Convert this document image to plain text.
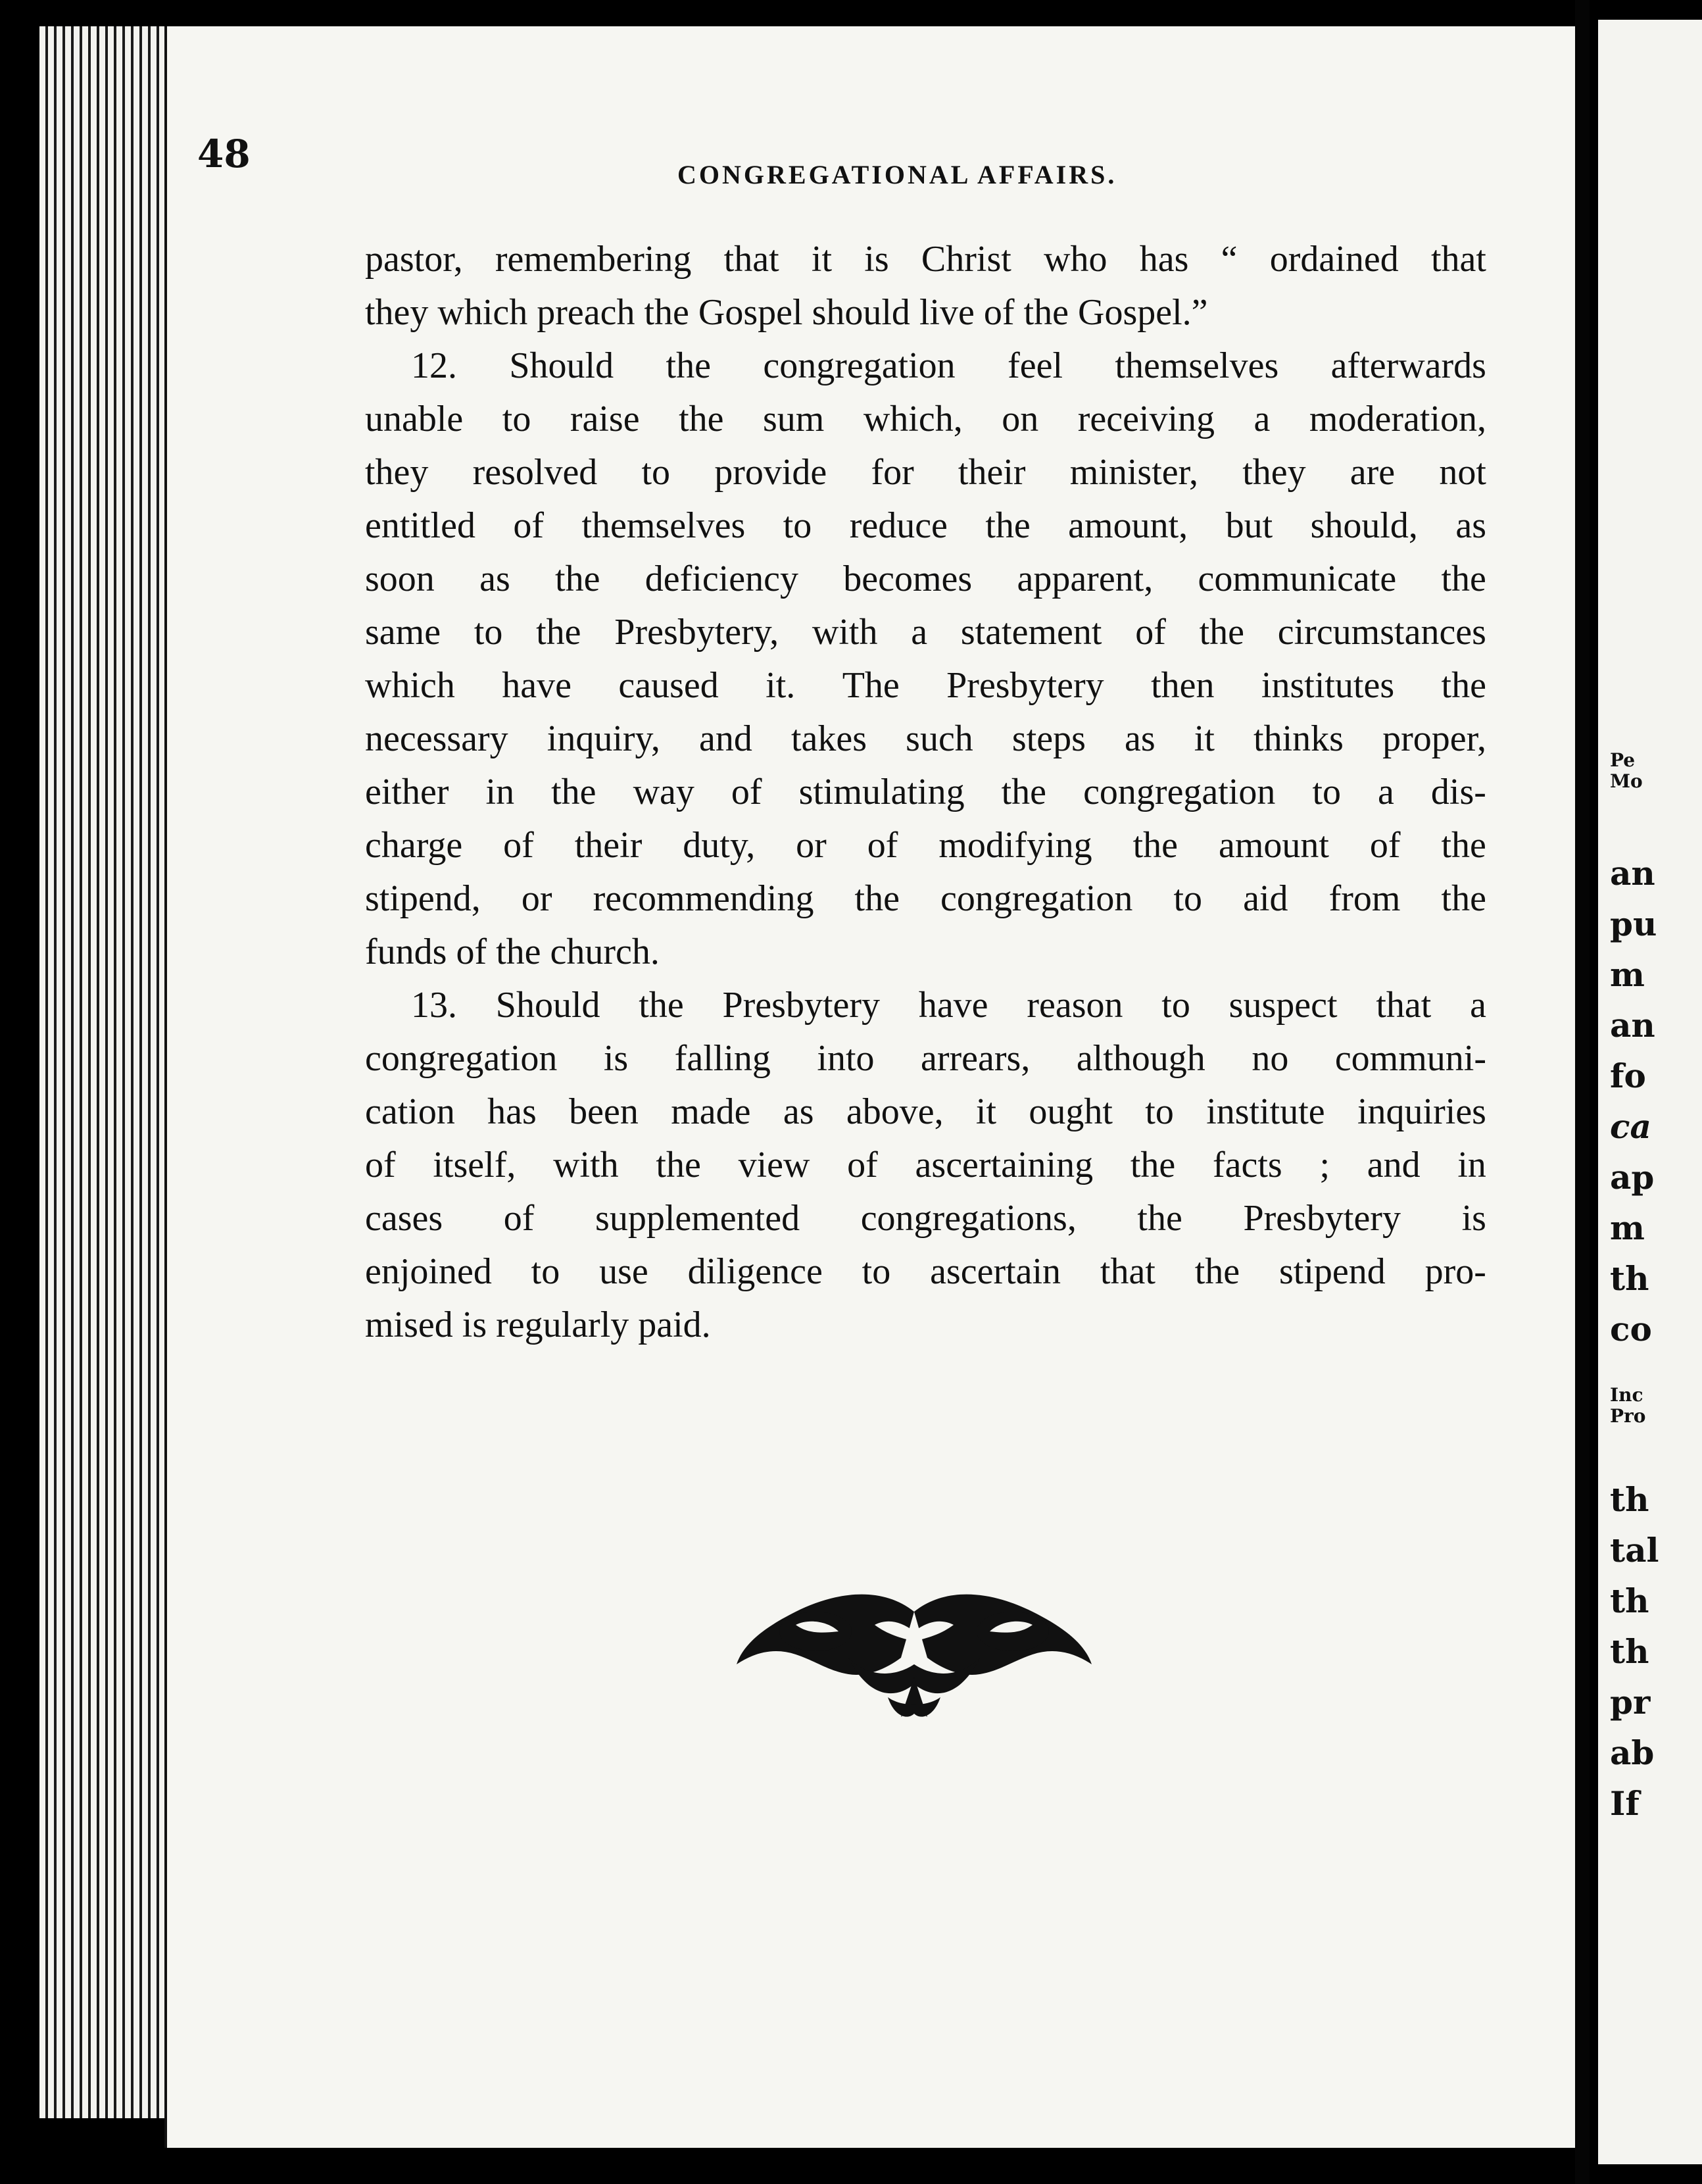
48	CONGREGATIONAL AFFAIRS.
pastor, remembering that it is Christ who has “ ordained that
they which preach the Gospel should live of the Gospel.”
12. Should the congregation feel themselves afterwards
unable to raise the sum which, on receiving a moderation,
they resolved to provide for their minister, they are not
entitled of themselves to reduce the amount, but should, as
soon as the deficiency becomes apparent, communicate the
same to the Presbytery, with a statement of the circumstances
which have caused it. The Presbytery then institutes the
necessary inquiry, and takes such steps as it thinks proper,
either in the way of stimulating the congregation to a dis-
charge of their duty, or of modifying the amount of the
stipend, or recommending the congregation to aid from the
funds of the church.
13. Should the Presbytery have reason to suspect that a
congregation is falling into arrears, although no communi-
cation has been made as above, it ought to institute inquiries
of itself, with the view of ascertaining the facts ; and in
cases of supplemented congregations, the Presbytery is
enjoined to use diligence to ascertain that the stipend pro-
mised is regularly paid.
Pe
Mo
an
pu
m
an
fo
ca
ap
m
th
co
Inc
Pro
th
tal
th
th
pr
ab
If
